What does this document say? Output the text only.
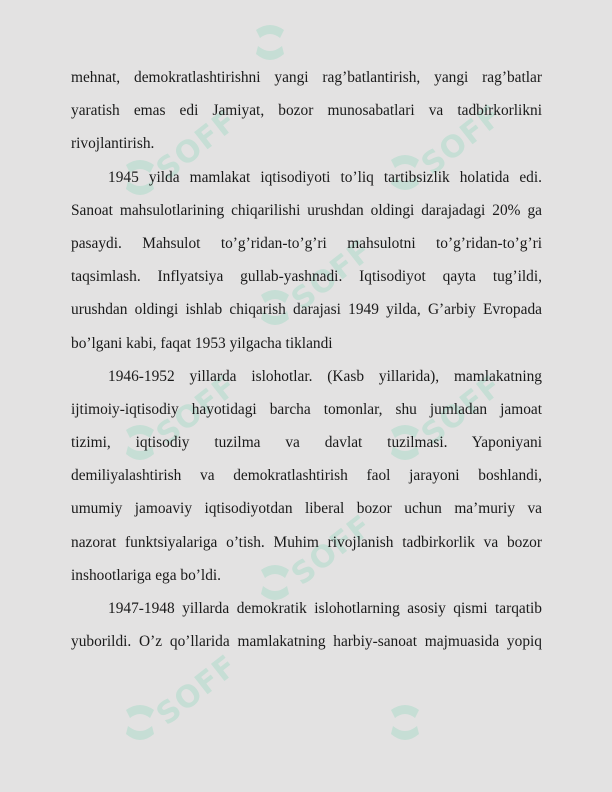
SOFF
SOFF
SOFF
SOFF
SOFF
SOFF
SOFF
mehnat, demokratlashtirishni yangi rag’batlantirish, yangi rag’batlar
yaratish emas edi Jamiyat, bozor munosabatlari va tadbirkorlikni
rivojlantirish.
1945 yilda mamlakat iqtisodiyoti to’liq tartibsizlik holatida edi.
Sanoat mahsulotlarining chiqarilishi urushdan oldingi darajadagi 20% ga
pasaydi. Mahsulot to’g’ridan-to’g’ri mahsulotni to’g’ridan-to’g’ri
taqsimlash. Inflyatsiya gullab-yashnadi. Iqtisodiyot qayta tug’ildi,
urushdan oldingi ishlab chiqarish darajasi 1949 yilda, G’arbiy Evropada
bo’lgani kabi, faqat 1953 yilgacha tiklandi
1946-1952 yillarda islohotlar. (Kasb yillarida), mamlakatning
ijtimoiy-iqtisodiy hayotidagi barcha tomonlar, shu jumladan jamoat
tizimi, iqtisodiy tuzilma va davlat tuzilmasi. Yaponiyani
demiliyalashtirish va demokratlashtirish faol jarayoni boshlandi,
umumiy jamoaviy iqtisodiyotdan liberal bozor uchun ma’muriy va
nazorat funktsiyalariga o’tish. Muhim rivojlanish tadbirkorlik va bozor
inshootlariga ega bo’ldi.
1947-1948 yillarda demokratik islohotlarning asosiy qismi tarqatib
yuborildi. O’z qo’llarida mamlakatning harbiy-sanoat majmuasida yopiq
